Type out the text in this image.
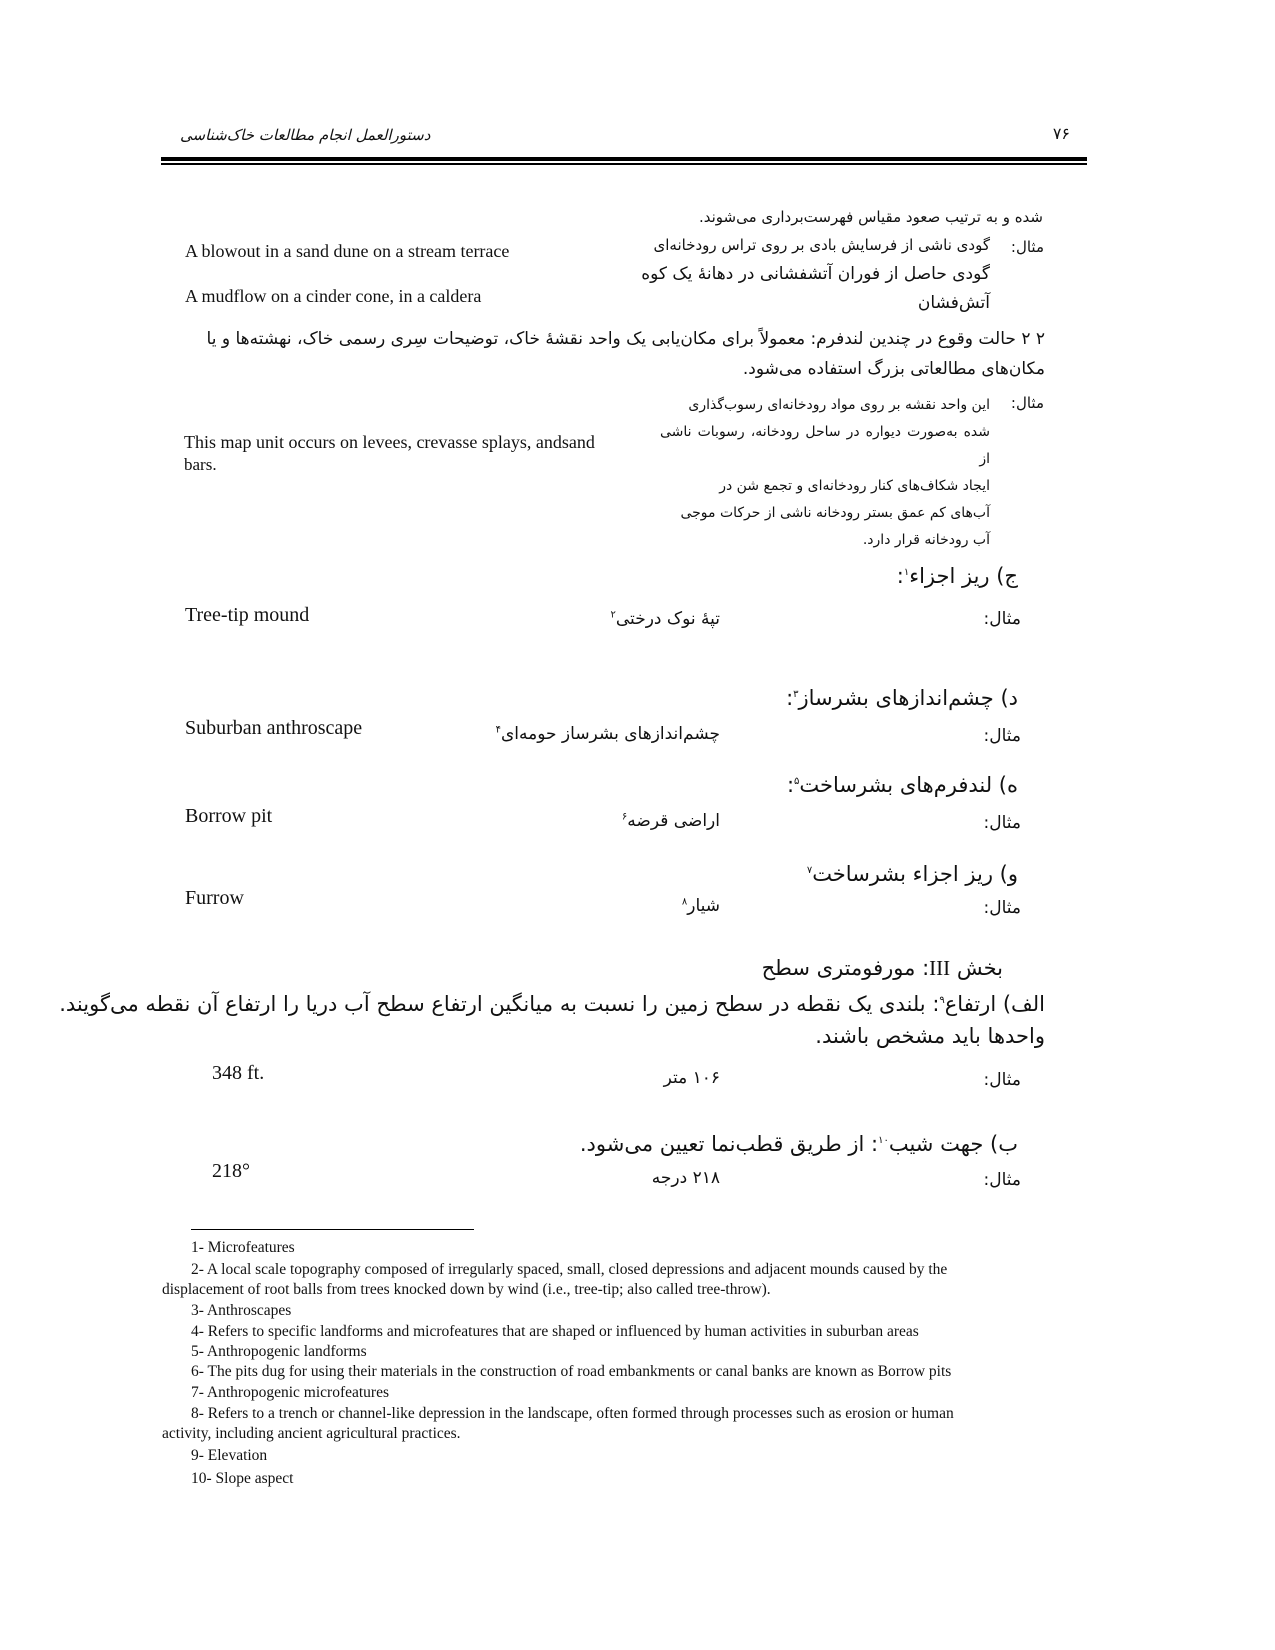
دستورالعمل انجام مطالعات خاک‌شناسی	۷۶
شده و به ترتیب صعود مقیاس فهرست‌برداری می‌شوند.
مثال:
گودی ناشی از فرسایش بادی بر روی تراس رودخانه‌ای
گودی حاصل از فوران آتشفشانی در دهانهٔ یک کوه
آتش‌فشان
A blowout in a sand dune on a stream terrace
A mudflow on a cinder cone, in a caldera
۲ ۲ حالت وقوع در چندین لندفرم: معمولاً برای مکان‌یابی یک واحد نقشهٔ خاک، توضیحات سِری رسمی خاک، نهشته‌ها و یا
مکان‌های مطالعاتی بزرگ استفاده می‌شود.
مثال:
این واحد نقشه بر روی مواد رودخانه‌ای رسوب‌گذاری
شده به‌صورت دیواره در ساحل رودخانه، رسوبات ناشی از
ایجاد شکاف‌های کنار رودخانه‌ای و تجمع شن در
آب‌های کم عمق بستر رودخانه ناشی از حرکات موجی
آب رودخانه قرار دارد.
This map unit occurs on levees, crevasse splays, andsand
bars.
ج) ریز اجزاء$^۱$:
مثال:
تپهٔ نوک درختی$^۲$
Tree-tip mound
د) چشم‌اندازهای بشرساز$^۳$:
مثال:
چشم‌اندازهای بشرساز حومه‌ای$^۴$
Suburban anthroscape
ه) لندفرم‌های بشرساخت$^۵$:
مثال:
اراضی قرضه$^۶$
Borrow pit
و) ریز اجزاء بشرساخت$^۷$
مثال:
شیار$^۸$
Furrow
بخش III: مورفومتری سطح
الف) ارتفاع$^۹$: بلندی یک نقطه در سطح زمین را نسبت به میانگین ارتفاع سطح آب دریا را ارتفاع آن نقطه می‌گویند.
واحدها باید مشخص باشند.
مثال:
۱۰۶ متر
348 ft.
ب) جهت شیب$^{۱۰}$: از طریق قطب‌نما تعیین می‌شود.
مثال:
۲۱۸ درجه
218°
1- Microfeatures
2- A local scale topography composed of irregularly spaced, small, closed depressions and adjacent mounds caused by the
displacement of root balls from trees knocked down by wind (i.e., tree-tip; also called tree-throw).
3- Anthroscapes
4- Refers to specific landforms and microfeatures that are shaped or influenced by human activities in suburban areas
5- Anthropogenic landforms
6- The pits dug for using their materials in the construction of road embankments or canal banks are known as Borrow pits
7- Anthropogenic microfeatures
8- Refers to a trench or channel-like depression in the landscape, often formed through processes such as erosion or human
activity, including ancient agricultural practices.
9- Elevation
10- Slope aspect
